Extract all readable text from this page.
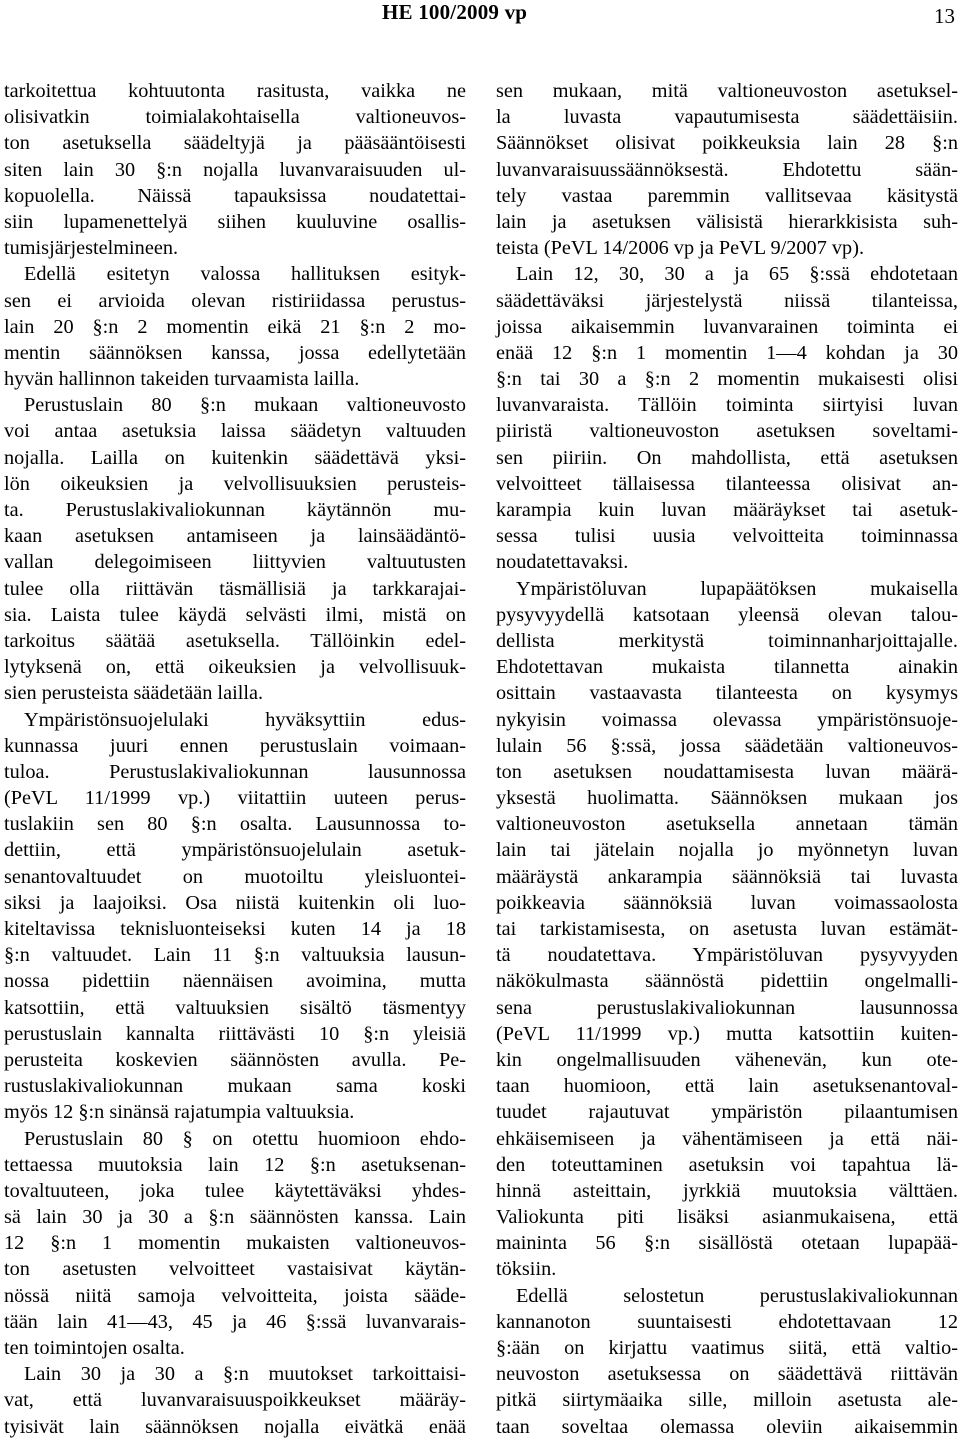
HE 100/2009 vp	13
tarkoitettua kohtuutonta rasitusta, vaikka ne
olisivatkin toimialakohtaisella valtioneuvos-
ton asetuksella säädeltyjä ja pääsääntöisesti
siten lain 30 §:n nojalla luvanvaraisuuden ul-
kopuolella. Näissä tapauksissa noudatettai-
siin lupamenettelyä siihen kuuluvine osallis-
tumisjärjestelmineen.
Edellä esitetyn valossa hallituksen esityk-
sen ei arvioida olevan ristiriidassa perustus-
lain 20 §:n 2 momentin eikä 21 §:n 2 mo-
mentin säännöksen kanssa, jossa edellytetään
hyvän hallinnon takeiden turvaamista lailla.
Perustuslain 80 §:n mukaan valtioneuvosto
voi antaa asetuksia laissa säädetyn valtuuden
nojalla. Lailla on kuitenkin säädettävä yksi-
lön oikeuksien ja velvollisuuksien perusteis-
ta. Perustuslakivaliokunnan käytännön mu-
kaan asetuksen antamiseen ja lainsäädäntö-
vallan delegoimiseen liittyvien valtuutusten
tulee olla riittävän täsmällisiä ja tarkkarajai-
sia. Laista tulee käydä selvästi ilmi, mistä on
tarkoitus säätää asetuksella. Tällöinkin edel-
lytyksenä on, että oikeuksien ja velvollisuuk-
sien perusteista säädetään lailla.
Ympäristönsuojelulaki hyväksyttiin edus-
kunnassa juuri ennen perustuslain voimaan-
tuloa. Perustuslakivaliokunnan lausunnossa
(PeVL 11/1999 vp.) viitattiin uuteen perus-
tuslakiin sen 80 §:n osalta. Lausunnossa to-
dettiin, että ympäristönsuojelulain asetuk-
senantovaltuudet on muotoiltu yleisluontei-
siksi ja laajoiksi. Osa niistä kuitenkin oli luo-
kiteltavissa teknisluonteiseksi kuten 14 ja 18
§:n valtuudet. Lain 11 §:n valtuuksia lausun-
nossa pidettiin näennäisen avoimina, mutta
katsottiin, että valtuuksien sisältö täsmentyy
perustuslain kannalta riittävästi 10 §:n yleisiä
perusteita koskevien säännösten avulla. Pe-
rustuslakivaliokunnan mukaan sama koski
myös 12 §:n sinänsä rajatumpia valtuuksia.
Perustuslain 80 § on otettu huomioon ehdo-
tettaessa muutoksia lain 12 §:n asetuksenan-
tovaltuuteen, joka tulee käytettäväksi yhdes-
sä lain 30 ja 30 a §:n säännösten kanssa. Lain
12 §:n 1 momentin mukaisten valtioneuvos-
ton asetusten velvoitteet vastaisivat käytän-
nössä niitä samoja velvoitteita, joista sääde-
tään lain 41—43, 45 ja 46 §:ssä luvanvarais-
ten toimintojen osalta.
Lain 30 ja 30 a §:n muutokset tarkoittaisi-
vat, että luvanvaraisuuspoikkeukset määräy-
tyisivät lain säännöksen nojalla eivätkä enää
sen mukaan, mitä valtioneuvoston asetuksel-
la luvasta vapautumisesta säädettäisiin.
Säännökset olisivat poikkeuksia lain 28 §:n
luvanvaraisuussäännöksestä. Ehdotettu sään-
tely vastaa paremmin vallitsevaa käsitystä
lain ja asetuksen välisistä hierarkkisista suh-
teista (PeVL 14/2006 vp ja PeVL 9/2007 vp).
Lain 12, 30, 30 a ja 65 §:ssä ehdotetaan
säädettäväksi järjestelystä niissä tilanteissa,
joissa aikaisemmin luvanvarainen toiminta ei
enää 12 §:n 1 momentin 1—4 kohdan ja 30
§:n tai 30 a §:n 2 momentin mukaisesti olisi
luvanvaraista. Tällöin toiminta siirtyisi luvan
piiristä valtioneuvoston asetuksen soveltami-
sen piiriin. On mahdollista, että asetuksen
velvoitteet tällaisessa tilanteessa olisivat an-
karampia kuin luvan määräykset tai asetuk-
sessa tulisi uusia velvoitteita toiminnassa
noudatettavaksi.
Ympäristöluvan lupapäätöksen mukaisella
pysyvyydellä katsotaan yleensä olevan talou-
dellista merkitystä toiminnanharjoittajalle.
Ehdotettavan mukaista tilannetta ainakin
osittain vastaavasta tilanteesta on kysymys
nykyisin voimassa olevassa ympäristönsuoje-
lulain 56 §:ssä, jossa säädetään valtioneuvos-
ton asetuksen noudattamisesta luvan määrä-
yksestä huolimatta. Säännöksen mukaan jos
valtioneuvoston asetuksella annetaan tämän
lain tai jätelain nojalla jo myönnetyn luvan
määräystä ankarampia säännöksiä tai luvasta
poikkeavia säännöksiä luvan voimassaolosta
tai tarkistamisesta, on asetusta luvan estämät-
tä noudatettava. Ympäristöluvan pysyvyyden
näkökulmasta säännöstä pidettiin ongelmalli-
sena perustuslakivaliokunnan lausunnossa
(PeVL 11/1999 vp.) mutta katsottiin kuiten-
kin ongelmallisuuden vähenevän, kun ote-
taan huomioon, että lain asetuksenantoval-
tuudet rajautuvat ympäristön pilaantumisen
ehkäisemiseen ja vähentämiseen ja että näi-
den toteuttaminen asetuksin voi tapahtua lä-
hinnä asteittain, jyrkkiä muutoksia välttäen.
Valiokunta piti lisäksi asianmukaisena, että
maininta 56 §:n sisällöstä otetaan lupapää-
töksiin.
Edellä selostetun perustuslakivaliokunnan
kannanoton suuntaisesti ehdotettavaan 12
§:ään on kirjattu vaatimus siitä, että valtio-
neuvoston asetuksessa on säädettävä riittävän
pitkä siirtymäaika sille, milloin asetusta ale-
taan soveltaa olemassa oleviin aikaisemmin
